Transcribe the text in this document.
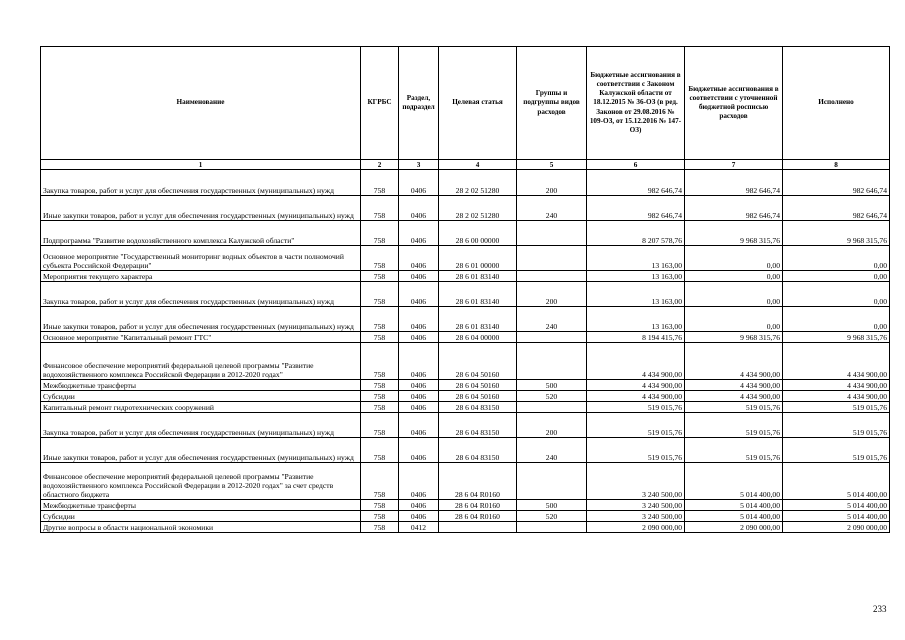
Наименование	КГРБС	Раздел, подраздел	Целевая статья	Группы и подгруппы видов расходов	Бюджетные ассигнования в соответствии с Законом Калужской области от 18.12.2015 № 36-ОЗ (в ред. Законов от 29.08.2016 № 109-ОЗ, от 15.12.2016 № 147-ОЗ)	Бюджетные ассигнования в соответствии с уточненной бюджетной росписью расходов	Исполнено
1	2	3	4	5	6	7	8
Закупка товаров, работ и услуг для обеспечения государственных (муниципальных) нужд	758	0406	28 2 02 51280	200	982 646,74	982 646,74	982 646,74
Иные закупки товаров, работ и услуг для обеспечения государственных (муниципальных) нужд	758	0406	28 2 02 51280	240	982 646,74	982 646,74	982 646,74
Подпрограмма "Развитие водохозяйственного комплекса Калужской области"	758	0406	28 6 00 00000		8 207 578,76	9 968 315,76	9 968 315,76
Основное мероприятие "Государственный мониторинг водных объектов в части полномочий субъекта Российской Федерации"	758	0406	28 6 01 00000		13 163,00	0,00	0,00
Мероприятия текущего характера	758	0406	28 6 01 83140		13 163,00	0,00	0,00
Закупка товаров, работ и услуг для обеспечения государственных (муниципальных) нужд	758	0406	28 6 01 83140	200	13 163,00	0,00	0,00
Иные закупки товаров, работ и услуг для обеспечения государственных (муниципальных) нужд	758	0406	28 6 01 83140	240	13 163,00	0,00	0,00
Основное мероприятие "Капитальный ремонт ГТС"	758	0406	28 6 04 00000		8 194 415,76	9 968 315,76	9 968 315,76
Финансовое обеспечение мероприятий федеральной целевой программы "Развитие водохозяйственного комплекса Российской Федерации в 2012-2020 годах"	758	0406	28 6 04 50160		4 434 900,00	4 434 900,00	4 434 900,00
Межбюджетные трансферты	758	0406	28 6 04 50160	500	4 434 900,00	4 434 900,00	4 434 900,00
Субсидии	758	0406	28 6 04 50160	520	4 434 900,00	4 434 900,00	4 434 900,00
Капитальный ремонт гидротехнических сооружений	758	0406	28 6 04 83150		519 015,76	519 015,76	519 015,76
Закупка товаров, работ и услуг для обеспечения государственных (муниципальных) нужд	758	0406	28 6 04 83150	200	519 015,76	519 015,76	519 015,76
Иные закупки товаров, работ и услуг для обеспечения государственных (муниципальных) нужд	758	0406	28 6 04 83150	240	519 015,76	519 015,76	519 015,76
Финансовое обеспечение мероприятий федеральной целевой программы "Развитие водохозяйственного комплекса Российской Федерации в 2012-2020 годах" за счет средств областного бюджета	758	0406	28 6 04 R0160		3 240 500,00	5 014 400,00	5 014 400,00
Межбюджетные трансферты	758	0406	28 6 04 R0160	500	3 240 500,00	5 014 400,00	5 014 400,00
Субсидии	758	0406	28 6 04 R0160	520	3 240 500,00	5 014 400,00	5 014 400,00
Другие вопросы в области национальной экономики	758	0412			2 090 000,00	2 090 000,00	2 090 000,00
233
